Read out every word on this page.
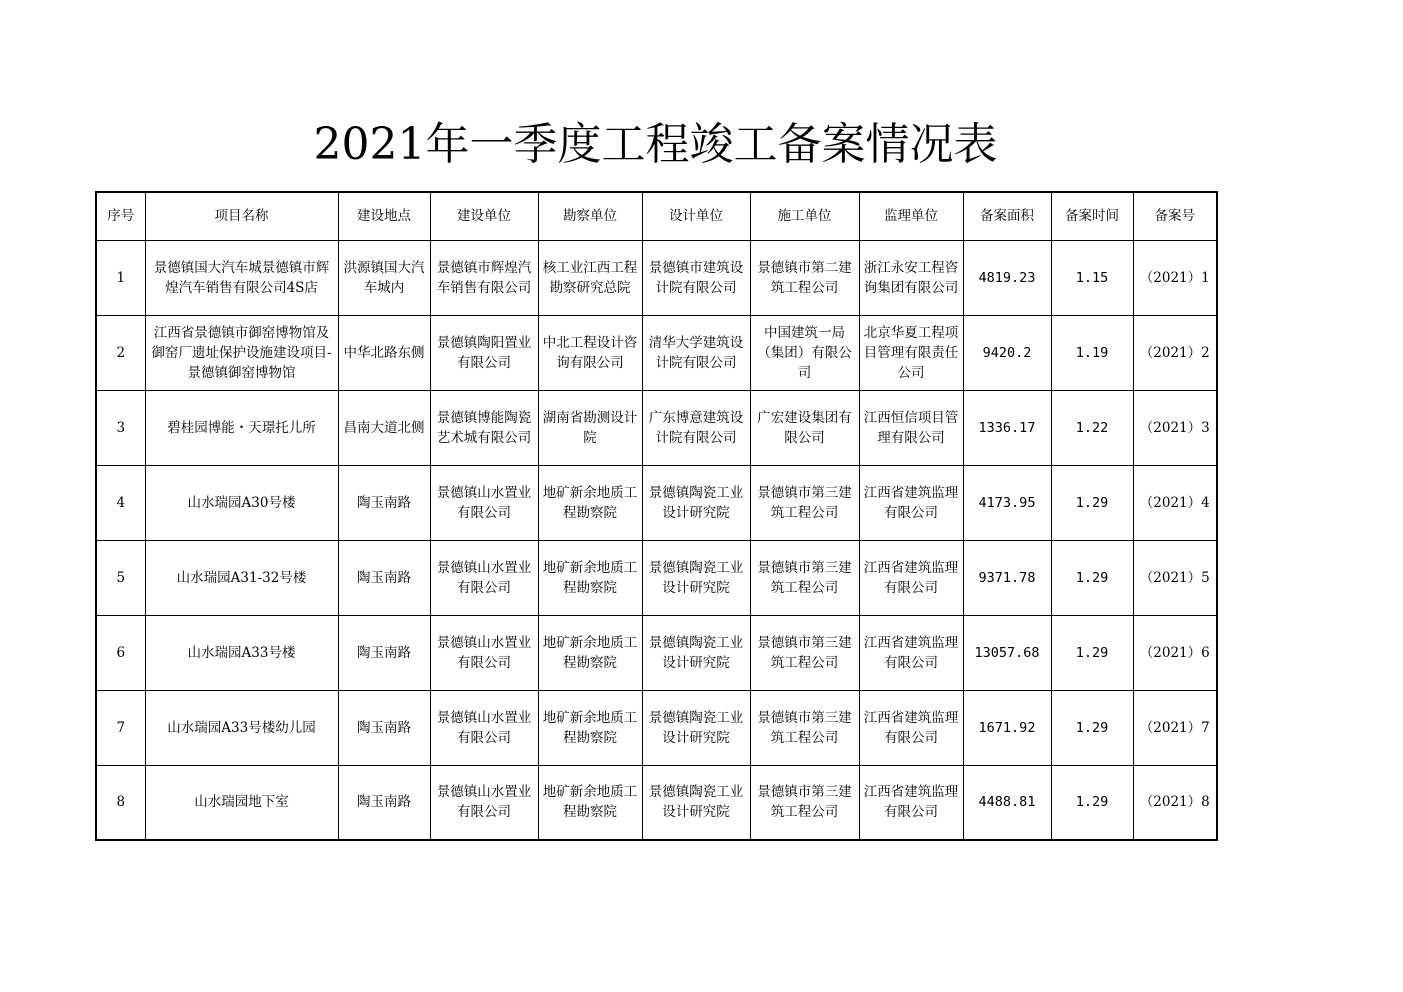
2021年一季度工程竣工备案情况表
序号	项目名称	建设地点	建设单位	勘察单位	设计单位	施工单位	监理单位	备案面积	备案时间	备案号
1	景德镇国大汽车城景德镇市辉煌汽车销售有限公司4S店	洪源镇国大汽车城内	景德镇市辉煌汽车销售有限公司	核工业江西工程勘察研究总院	景德镇市建筑设计院有限公司	景德镇市第二建筑工程公司	浙江永安工程咨询集团有限公司	4819.23	1.15	（2021）1
2	江西省景德镇市御窑博物馆及御窑厂遗址保护设施建设项目-景德镇御窑博物馆	中华北路东侧	景德镇陶阳置业有限公司	中北工程设计咨询有限公司	清华大学建筑设计院有限公司	中国建筑一局（集团）有限公司	北京华夏工程项目管理有限责任公司	9420.2	1.19	（2021）2
3	碧桂园博能・天璟托儿所	昌南大道北侧	景德镇博能陶瓷艺术城有限公司	湖南省勘测设计院	广东博意建筑设计院有限公司	广宏建设集团有限公司	江西恒信项目管理有限公司	1336.17	1.22	（2021）3
4	山水瑞园A30号楼	陶玉南路	景德镇山水置业有限公司	地矿新余地质工程勘察院	景德镇陶瓷工业设计研究院	景德镇市第三建筑工程公司	江西省建筑监理有限公司	4173.95	1.29	（2021）4
5	山水瑞园A31-32号楼	陶玉南路	景德镇山水置业有限公司	地矿新余地质工程勘察院	景德镇陶瓷工业设计研究院	景德镇市第三建筑工程公司	江西省建筑监理有限公司	9371.78	1.29	（2021）5
6	山水瑞园A33号楼	陶玉南路	景德镇山水置业有限公司	地矿新余地质工程勘察院	景德镇陶瓷工业设计研究院	景德镇市第三建筑工程公司	江西省建筑监理有限公司	13057.68	1.29	（2021）6
7	山水瑞园A33号楼幼儿园	陶玉南路	景德镇山水置业有限公司	地矿新余地质工程勘察院	景德镇陶瓷工业设计研究院	景德镇市第三建筑工程公司	江西省建筑监理有限公司	1671.92	1.29	（2021）7
8	山水瑞园地下室	陶玉南路	景德镇山水置业有限公司	地矿新余地质工程勘察院	景德镇陶瓷工业设计研究院	景德镇市第三建筑工程公司	江西省建筑监理有限公司	4488.81	1.29	（2021）8
